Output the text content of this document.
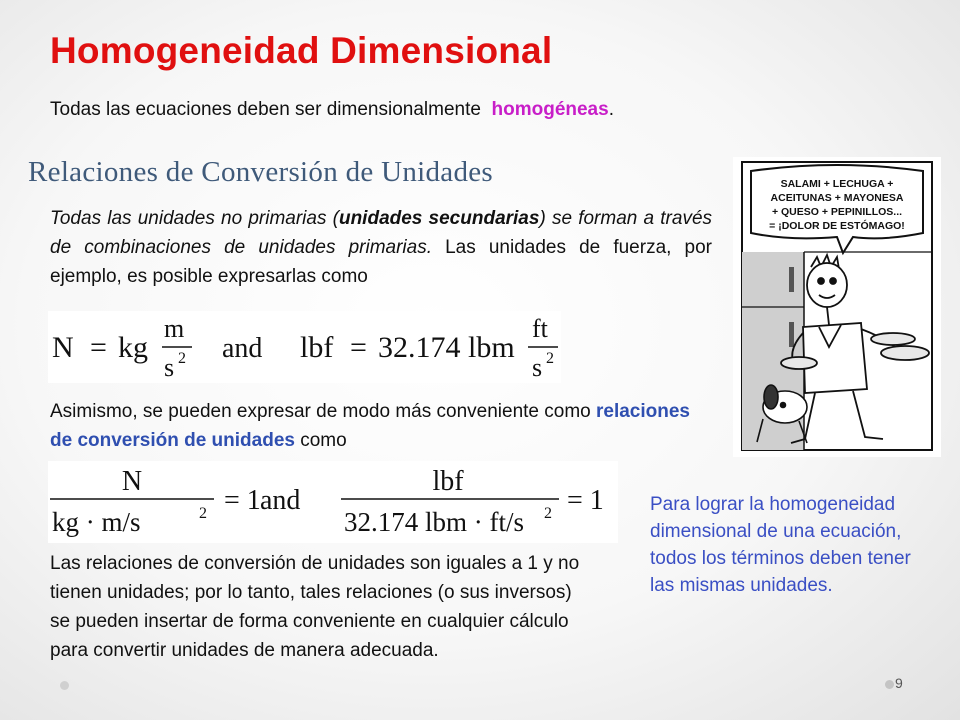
Homogeneidad Dimensional
Todas las ecuaciones deben ser dimensionalmente homogéneas.
Relaciones de Conversión de Unidades
Todas las unidades no primarias (unidades secundarias) se forman a través de combinaciones de unidades primarias. Las unidades de fuerza, por ejemplo, es posible expresarlas como
N = kg
m
s 2 and lbf = 32.174 lbm
ft
s 2
Asimismo, se pueden expresar de modo más conveniente como relaciones de conversión de unidades como
N
kg · m/s	2 = 1 and
lbf
32.174 lbm · ft/s 2 = 1
Las relaciones de conversión de unidades son iguales a 1 y no tienen unidades; por lo tanto, tales relaciones (o sus inversos) se pueden insertar de forma conveniente en cualquier cálculo para convertir unidades de manera adecuada.
Para lograr la homogeneidad dimensional de una ecuación, todos los términos deben tener las mismas unidades.
SALAMI + LECHUGA +
ACEITUNAS + MAYONESA
+ QUESO + PEPINILLOS...
= ¡DOLOR DE ESTÓMAGO!
9
